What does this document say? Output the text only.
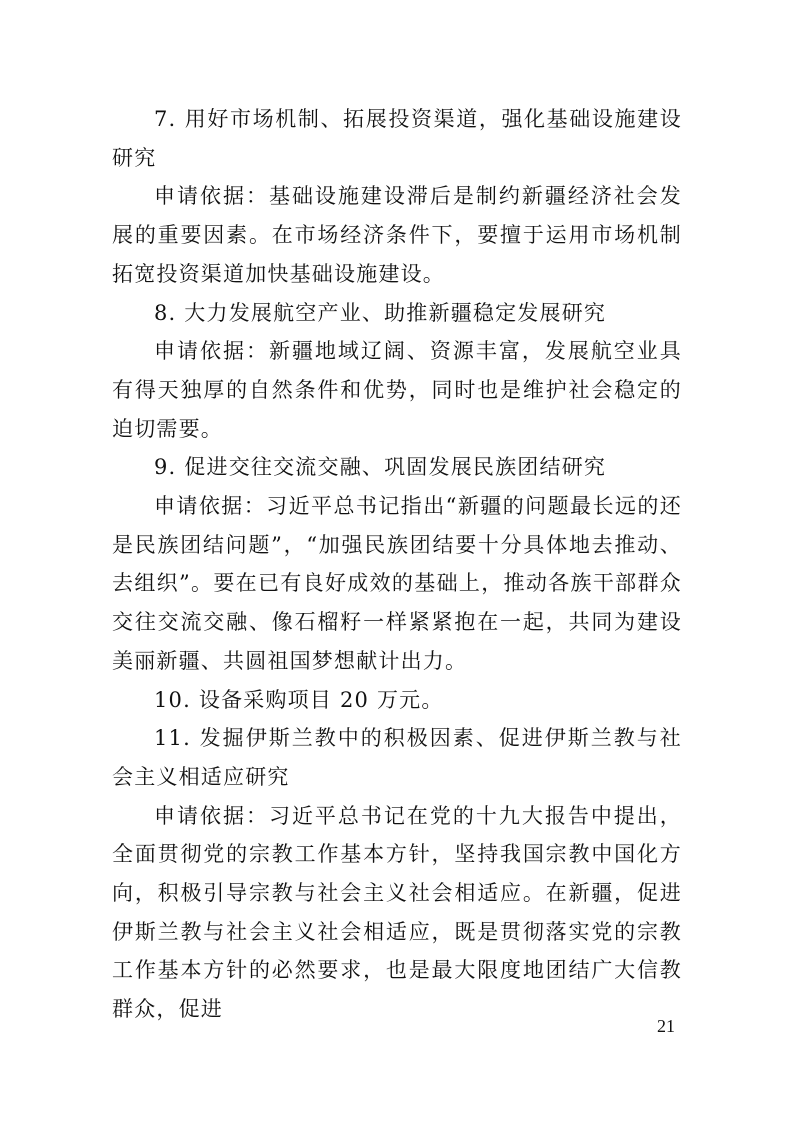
7. 用好市场机制、拓展投资渠道，强化基础设施建设研究

申请依据：基础设施建设滞后是制约新疆经济社会发展的重要因素。在市场经济条件下，要擅于运用市场机制拓宽投资渠道加快基础设施建设。

8. 大力发展航空产业、助推新疆稳定发展研究

申请依据：新疆地域辽阔、资源丰富，发展航空业具有得天独厚的自然条件和优势，同时也是维护社会稳定的迫切需要。

9. 促进交往交流交融、巩固发展民族团结研究

申请依据：习近平总书记指出“新疆的问题最长远的还是民族团结问题”，“加强民族团结要十分具体地去推动、去组织”。要在已有良好成效的基础上，推动各族干部群众交往交流交融、像石榴籽一样紧紧抱在一起，共同为建设美丽新疆、共圆祖国梦想献计出力。

10. 设备采购项目 20 万元。

11. 发掘伊斯兰教中的积极因素、促进伊斯兰教与社会主义相适应研究

申请依据：习近平总书记在党的十九大报告中提出，全面贯彻党的宗教工作基本方针，坚持我国宗教中国化方向，积极引导宗教与社会主义社会相适应。在新疆，促进伊斯兰教与社会主义社会相适应，既是贯彻落实党的宗教工作基本方针的必然要求，也是最大限度地团结广大信教群众，促进

21
